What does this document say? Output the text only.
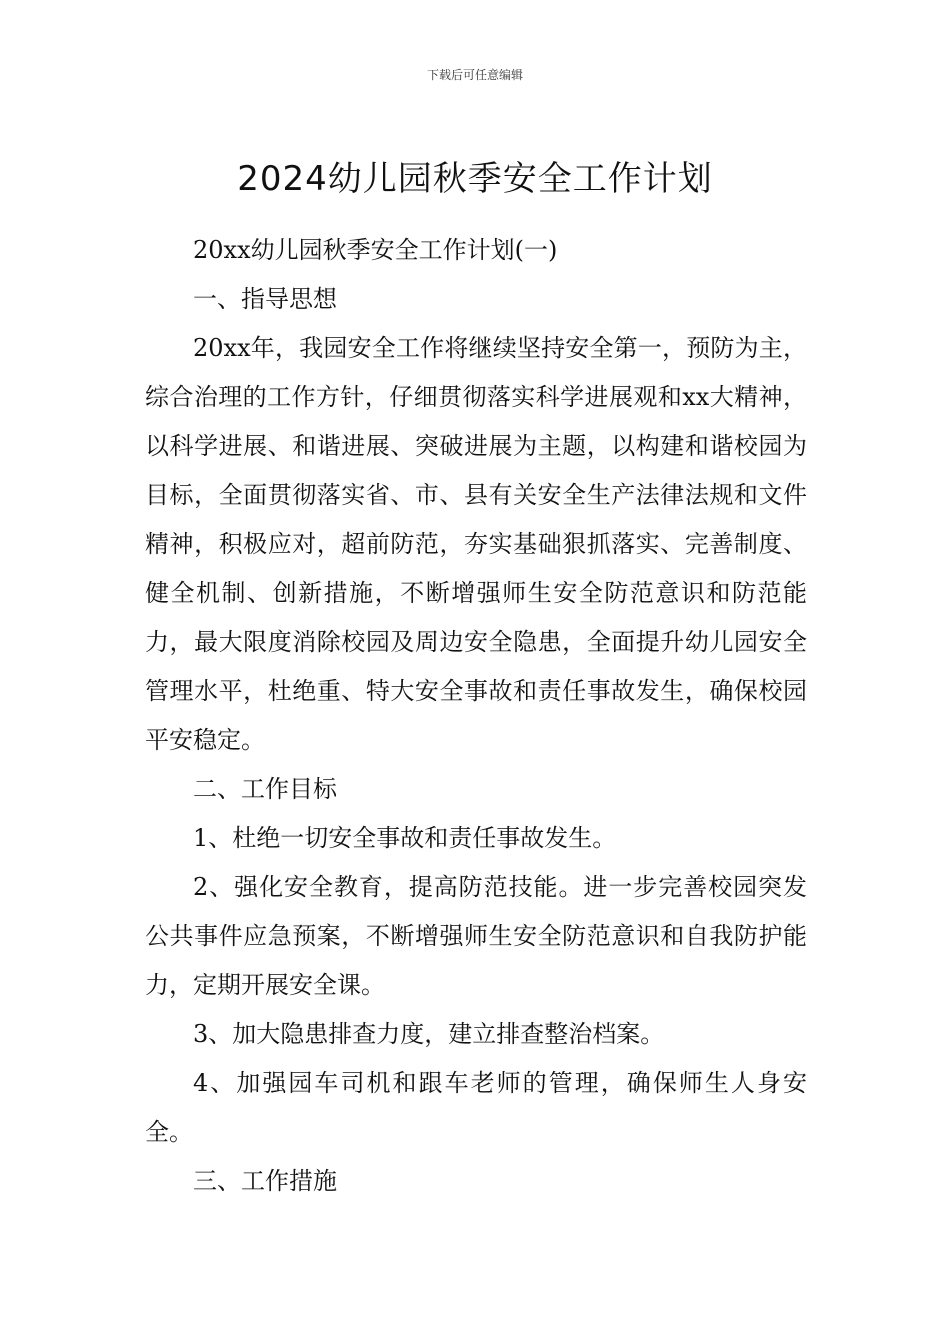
下载后可任意编辑
2024幼儿园秋季安全工作计划

20xx幼儿园秋季安全工作计划(一)

一、指导思想

20xx年，我园安全工作将继续坚持安全第一，预防为主，综合治理的工作方针，仔细贯彻落实科学进展观和xx大精神，以科学进展、和谐进展、突破进展为主题，以构建和谐校园为目标，全面贯彻落实省、市、县有关安全生产法律法规和文件精神，积极应对，超前防范，夯实基础狠抓落实、完善制度、健全机制、创新措施，不断增强师生安全防范意识和防范能力，最大限度消除校园及周边安全隐患，全面提升幼儿园安全管理水平，杜绝重、特大安全事故和责任事故发生，确保校园平安稳定。

二、工作目标

1、杜绝一切安全事故和责任事故发生。

2、强化安全教育，提高防范技能。进一步完善校园突发公共事件应急预案，不断增强师生安全防范意识和自我防护能力，定期开展安全课。

3、加大隐患排查力度，建立排查整治档案。

4、加强园车司机和跟车老师的管理，确保师生人身安全。

三、工作措施
